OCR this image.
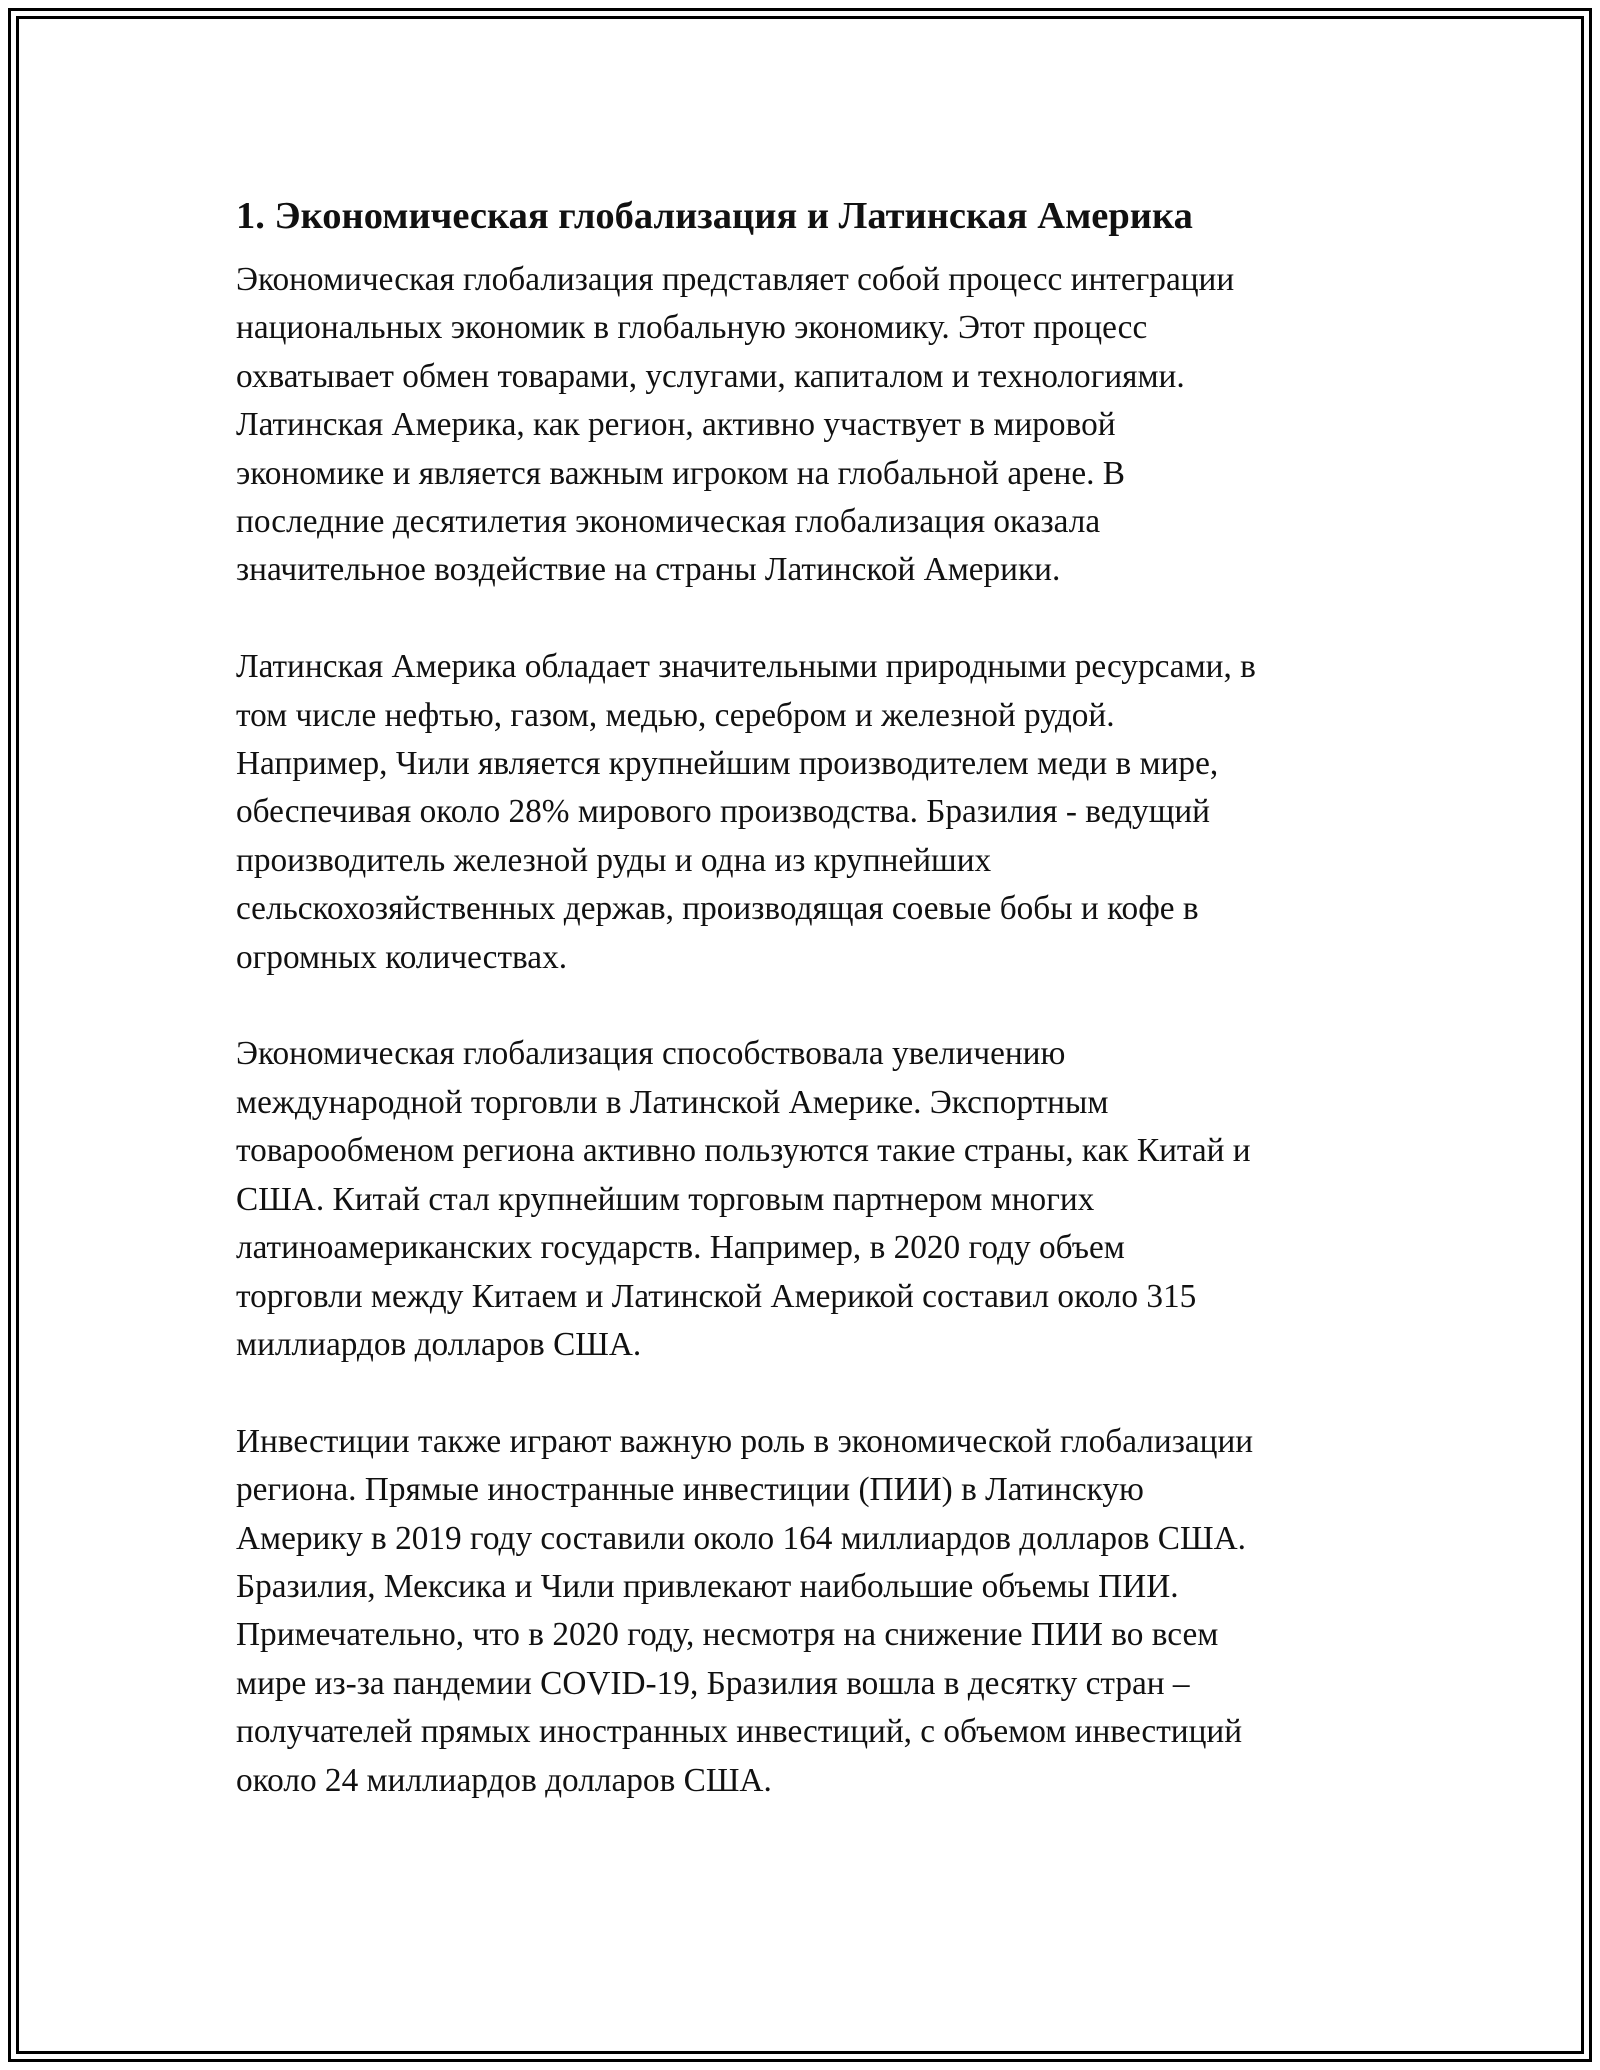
1. Экономическая глобализация и Латинская Америка

Экономическая глобализация представляет собой процесс интеграции
национальных экономик в глобальную экономику. Этот процесс
охватывает обмен товарами, услугами, капиталом и технологиями.
Латинская Америка, как регион, активно участвует в мировой
экономике и является важным игроком на глобальной арене. В
последние десятилетия экономическая глобализация оказала
значительное воздействие на страны Латинской Америки.

Латинская Америка обладает значительными природными ресурсами, в
том числе нефтью, газом, медью, серебром и железной рудой.
Например, Чили является крупнейшим производителем меди в мире,
обеспечивая около 28% мирового производства. Бразилия - ведущий
производитель железной руды и одна из крупнейших
сельскохозяйственных держав, производящая соевые бобы и кофе в
огромных количествах.

Экономическая глобализация способствовала увеличению
международной торговли в Латинской Америке. Экспортным
товарообменом региона активно пользуются такие страны, как Китай и
США. Китай стал крупнейшим торговым партнером многих
латиноамериканских государств. Например, в 2020 году объем
торговли между Китаем и Латинской Америкой составил около 315
миллиардов долларов США.

Инвестиции также играют важную роль в экономической глобализации
региона. Прямые иностранные инвестиции (ПИИ) в Латинскую
Америку в 2019 году составили около 164 миллиардов долларов США.
Бразилия, Мексика и Чили привлекают наибольшие объемы ПИИ.
Примечательно, что в 2020 году, несмотря на снижение ПИИ во всем
мире из-за пандемии COVID-19, Бразилия вошла в десятку стран –
получателей прямых иностранных инвестиций, с объемом инвестиций
около 24 миллиардов долларов США.
